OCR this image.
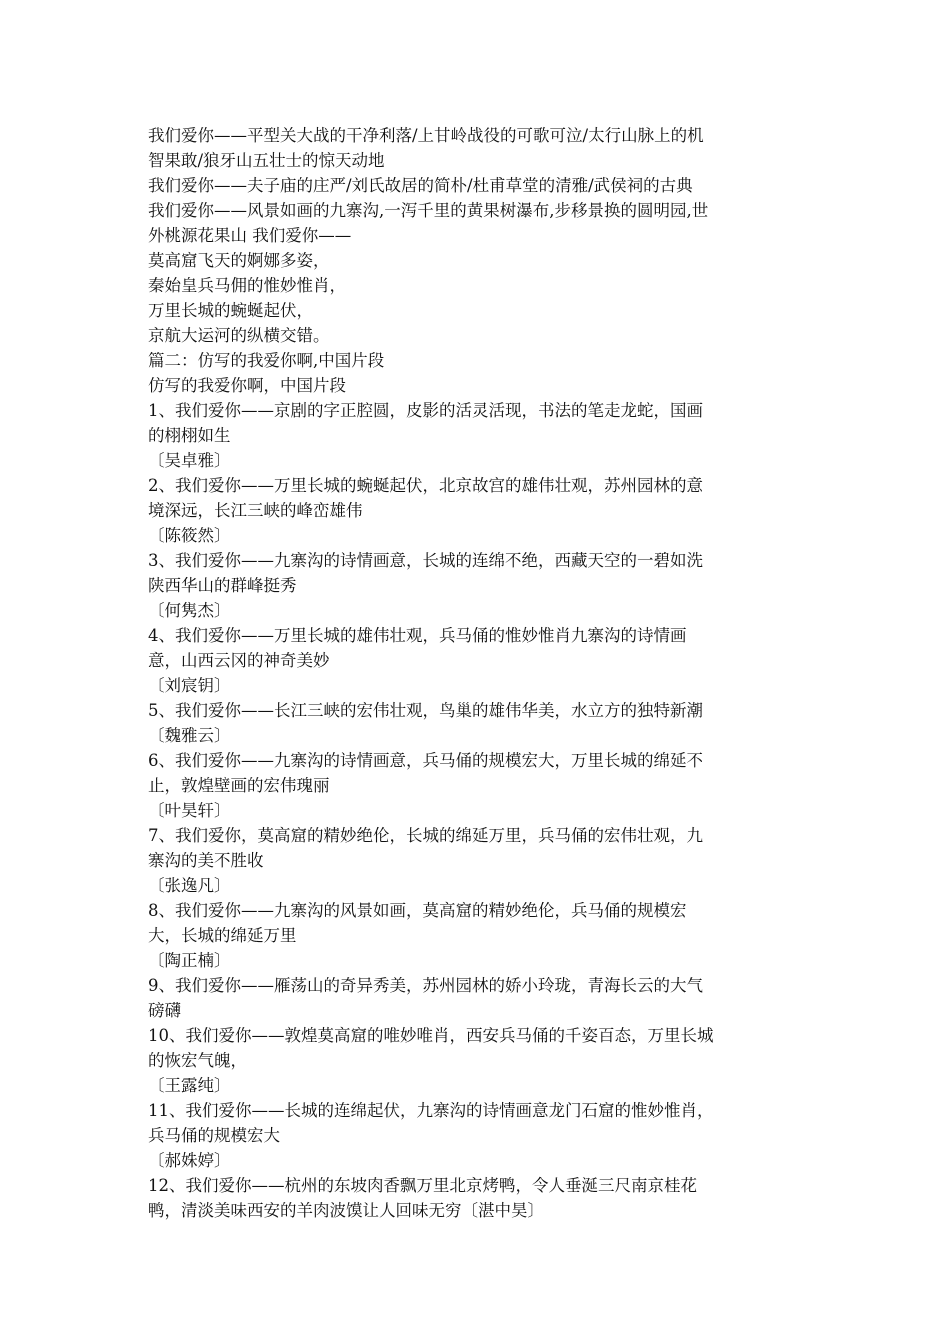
我们爱你——平型关大战的干净利落/上甘岭战役的可歌可泣/太行山脉上的机
智果敢/狼牙山五壮士的惊天动地
我们爱你——夫子庙的庄严/刘氏故居的简朴/杜甫草堂的清雅/武侯祠的古典
我们爱你——风景如画的九寨沟,一泻千里的黄果树瀑布,步移景换的圆明园,世
外桃源花果山 我们爱你——
莫高窟飞天的婀娜多姿，
秦始皇兵马佣的惟妙惟肖，
万里长城的蜿蜒起伏，
京航大运河的纵横交错。
篇二：仿写的我爱你啊,中国片段
仿写的我爱你啊，中国片段
1、我们爱你——京剧的字正腔圆，皮影的活灵活现，书法的笔走龙蛇，国画
的栩栩如生
〔吴卓雅〕
2、我们爱你——万里长城的蜿蜒起伏，北京故宫的雄伟壮观，苏州园林的意
境深远，长江三峡的峰峦雄伟
〔陈筱然〕
3、我们爱你——九寨沟的诗情画意，长城的连绵不绝，西藏天空的一碧如洗
陕西华山的群峰挺秀
〔何隽杰〕
4、我们爱你——万里长城的雄伟壮观，兵马俑的惟妙惟肖九寨沟的诗情画
意，山西云冈的神奇美妙
〔刘宸钥〕
5、我们爱你——长江三峡的宏伟壮观，鸟巢的雄伟华美，水立方的独特新潮
〔魏雅云〕
6、我们爱你——九寨沟的诗情画意，兵马俑的规模宏大，万里长城的绵延不
止，敦煌壁画的宏伟瑰丽
〔叶昊轩〕
7、我们爱你，莫高窟的精妙绝伦，长城的绵延万里，兵马俑的宏伟壮观，九
寨沟的美不胜收
〔张逸凡〕
8、我们爱你——九寨沟的风景如画，莫高窟的精妙绝伦，兵马俑的规模宏
大，长城的绵延万里
〔陶正楠〕
9、我们爱你——雁荡山的奇异秀美，苏州园林的娇小玲珑，青海长云的大气
磅礴
10、我们爱你——敦煌莫高窟的唯妙唯肖，西安兵马俑的千姿百态，万里长城
的恢宏气魄，
〔王露纯〕
11、我们爱你——长城的连绵起伏，九寨沟的诗情画意龙门石窟的惟妙惟肖，
兵马俑的规模宏大
〔郝姝婷〕
12、我们爱你——杭州的东坡肉香飘万里北京烤鸭，令人垂涎三尺南京桂花
鸭，清淡美味西安的羊肉波馍让人回味无穷〔湛中昊〕
